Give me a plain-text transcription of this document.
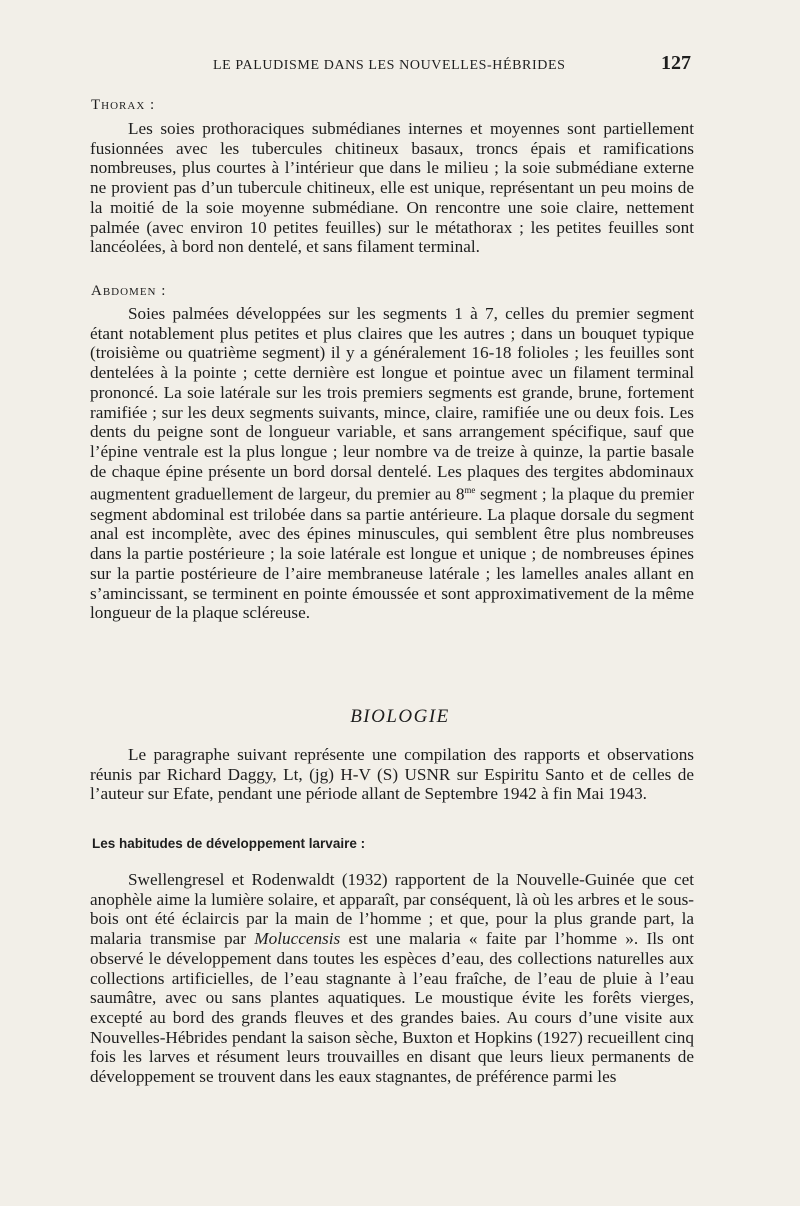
LE PALUDISME DANS LES NOUVELLES-HÉBRIDES	127
Thorax :

Les soies prothoraciques submédianes internes et moyennes sont partiellement fusionnées avec les tubercules chitineux basaux, troncs épais et ramifications nombreuses, plus courtes à l’intérieur que dans le milieu ; la soie submédiane externe ne provient pas d’un tubercule chitineux, elle est unique, représentant un peu moins de la moitié de la soie moyenne submédiane. On rencontre une soie claire, nettement palmée (avec environ 10 petites feuilles) sur le métathorax ; les petites feuilles sont lancéolées, à bord non dentelé, et sans filament terminal.

Abdomen :

Soies palmées développées sur les segments 1 à 7, celles du premier segment étant notablement plus petites et plus claires que les autres ; dans un bouquet typique (troisième ou quatrième segment) il y a généralement 16-18 folioles ; les feuilles sont dentelées à la pointe ; cette dernière est longue et pointue avec un filament terminal prononcé. La soie latérale sur les trois premiers segments est grande, brune, fortement ramifiée ; sur les deux segments suivants, mince, claire, ramifiée une ou deux fois. Les dents du peigne sont de longueur variable, et sans arrangement spécifique, sauf que l’épine ventrale est la plus longue ; leur nombre va de treize à quinze, la partie basale de chaque épine présente un bord dorsal dentelé. Les plaques des tergites abdominaux augmentent graduellement de largeur, du premier au $8^{me}$ segment ; la plaque du premier segment abdominal est trilobée dans sa partie antérieure. La plaque dorsale du segment anal est incomplète, avec des épines minuscules, qui semblent être plus nombreuses dans la partie postérieure ; la soie latérale est longue et unique ; de nombreuses épines sur la partie postérieure de l’aire membraneuse latérale ; les lamelles anales allant en s’amincissant, se terminent en pointe émoussée et sont approximativement de la même longueur de la plaque scléreuse.

BIOLOGIE

Le paragraphe suivant représente une compilation des rapports et observations réunis par Richard Daggy, Lt, (jg) H-V (S) USNR sur Espiritu Santo et de celles de l’auteur sur Efate, pendant une période allant de Septembre 1942 à fin Mai 1943.

Les habitudes de développement larvaire :

Swellengresel et Rodenwaldt (1932) rapportent de la Nouvelle-Guinée que cet anophèle aime la lumière solaire, et apparaît, par conséquent, là où les arbres et le sous-bois ont été éclaircis par la main de l’homme ; et que, pour la plus grande part, la malaria transmise par Moluccensis est une malaria « faite par l’homme ». Ils ont observé le développement dans toutes les espèces d’eau, des collections naturelles aux collections artificielles, de l’eau stagnante à l’eau fraîche, de l’eau de pluie à l’eau saumâtre, avec ou sans plantes aquatiques. Le moustique évite les forêts vierges, excepté au bord des grands fleuves et des grandes baies. Au cours d’une visite aux Nouvelles-Hébrides pendant la saison sèche, Buxton et Hopkins (1927) recueillent cinq fois les larves et résument leurs trouvailles en disant que leurs lieux permanents de développement se trouvent dans les eaux stagnantes, de préférence parmi les
